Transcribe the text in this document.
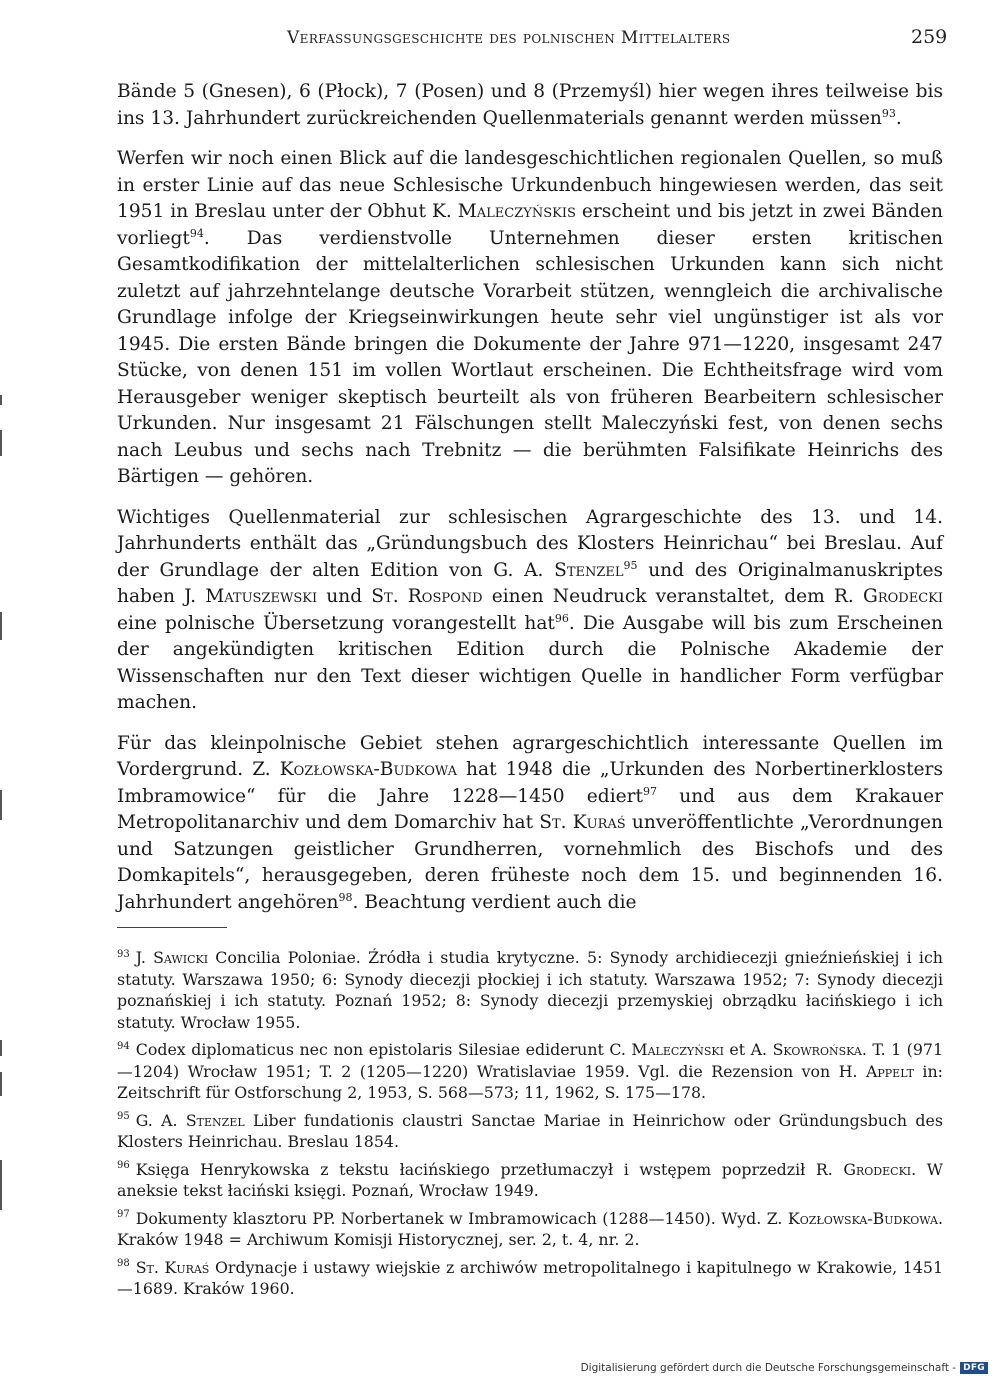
Verfassungsgeschichte des polnischen Mittelalters	259

Bände 5 (Gnesen), 6 (Płock), 7 (Posen) und 8 (Przemyśl) hier wegen ihres teilweise bis ins 13. Jahrhundert zurückreichenden Quellenmaterials genannt werden müssen$^{93}$.

Werfen wir noch einen Blick auf die landesgeschichtlichen regionalen Quellen, so muß in erster Linie auf das neue Schlesische Urkundenbuch hingewiesen werden, das seit 1951 in Breslau unter der Obhut K. Maleczyńskis erscheint und bis jetzt in zwei Bänden vorliegt$^{94}$. Das verdienstvolle Unternehmen dieser ersten kritischen Gesamtkodifikation der mittelalterlichen schlesischen Urkunden kann sich nicht zuletzt auf jahrzehntelange deutsche Vorarbeit stützen, wenngleich die archivalische Grundlage infolge der Kriegseinwirkungen heute sehr viel ungünstiger ist als vor 1945. Die ersten Bände bringen die Dokumente der Jahre 971—1220, insgesamt 247 Stücke, von denen 151 im vollen Wortlaut erscheinen. Die Echtheitsfrage wird vom Herausgeber weniger skeptisch beurteilt als von früheren Bearbeitern schlesischer Urkunden. Nur insgesamt 21 Fälschungen stellt Maleczyński fest, von denen sechs nach Leubus und sechs nach Trebnitz — die berühmten Falsifikate Heinrichs des Bärtigen — gehören.

Wichtiges Quellenmaterial zur schlesischen Agrargeschichte des 13. und 14. Jahrhunderts enthält das „Gründungsbuch des Klosters Heinrichau“ bei Breslau. Auf der Grundlage der alten Edition von G. A. Stenzel$^{95}$ und des Originalmanuskriptes haben J. Matuszewski und St. Rospond einen Neudruck veranstaltet, dem R. Grodecki eine polnische Übersetzung vorangestellt hat$^{96}$. Die Ausgabe will bis zum Erscheinen der angekündigten kritischen Edition durch die Polnische Akademie der Wissenschaften nur den Text dieser wichtigen Quelle in handlicher Form verfügbar machen.

Für das kleinpolnische Gebiet stehen agrargeschichtlich interessante Quellen im Vordergrund. Z. Kozłowska-Budkowa hat 1948 die „Urkunden des Norbertinerklosters Imbramowice“ für die Jahre 1228—1450 ediert$^{97}$ und aus dem Krakauer Metropolitanarchiv und dem Domarchiv hat St. Kuraś unveröffentlichte „Verordnungen und Satzungen geistlicher Grundherren, vornehmlich des Bischofs und des Domkapitels“, herausgegeben, deren früheste noch dem 15. und beginnenden 16. Jahrhundert angehören$^{98}$. Beachtung verdient auch die

$^{93}$ J. Sawicki Concilia Poloniae. Źródła i studia krytyczne. 5: Synody archidiecezji gnieźnieńskiej i ich statuty. Warszawa 1950; 6: Synody diecezji płockiej i ich statuty. Warszawa 1952; 7: Synody diecezji poznańskiej i ich statuty. Poznań 1952; 8: Synody diecezji przemyskiej obrządku łacińskiego i ich statuty. Wrocław 1955.
$^{94}$ Codex diplomaticus nec non epistolaris Silesiae ediderunt C. Maleczyński et A. Skowrońska. T. 1 (971—1204) Wrocław 1951; T. 2 (1205—1220) Wratislaviae 1959. Vgl. die Rezension von H. Appelt in: Zeitschrift für Ostforschung 2, 1953, S. 568—573; 11, 1962, S. 175—178.
$^{95}$ G. A. Stenzel Liber fundationis claustri Sanctae Mariae in Heinrichow oder Gründungsbuch des Klosters Heinrichau. Breslau 1854.
$^{96}$ Księga Henrykowska z tekstu łacińskiego przetłumaczył i wstępem poprzedził R. Grodecki. W aneksie tekst łaciński księgi. Poznań, Wrocław 1949.
$^{97}$ Dokumenty klasztoru PP. Norbertanek w Imbramowicach (1288—1450). Wyd. Z. Kozłowska-Budkowa. Kraków 1948 = Archiwum Komisji Historycznej, ser. 2, t. 4, nr. 2.
$^{98}$ St. Kuraś Ordynacje i ustawy wiejskie z archiwów metropolitalnego i kapitulnego w Krakowie, 1451—1689. Kraków 1960.
Digitalisierung gefördert durch die Deutsche Forschungsgemeinschaft - DFG
